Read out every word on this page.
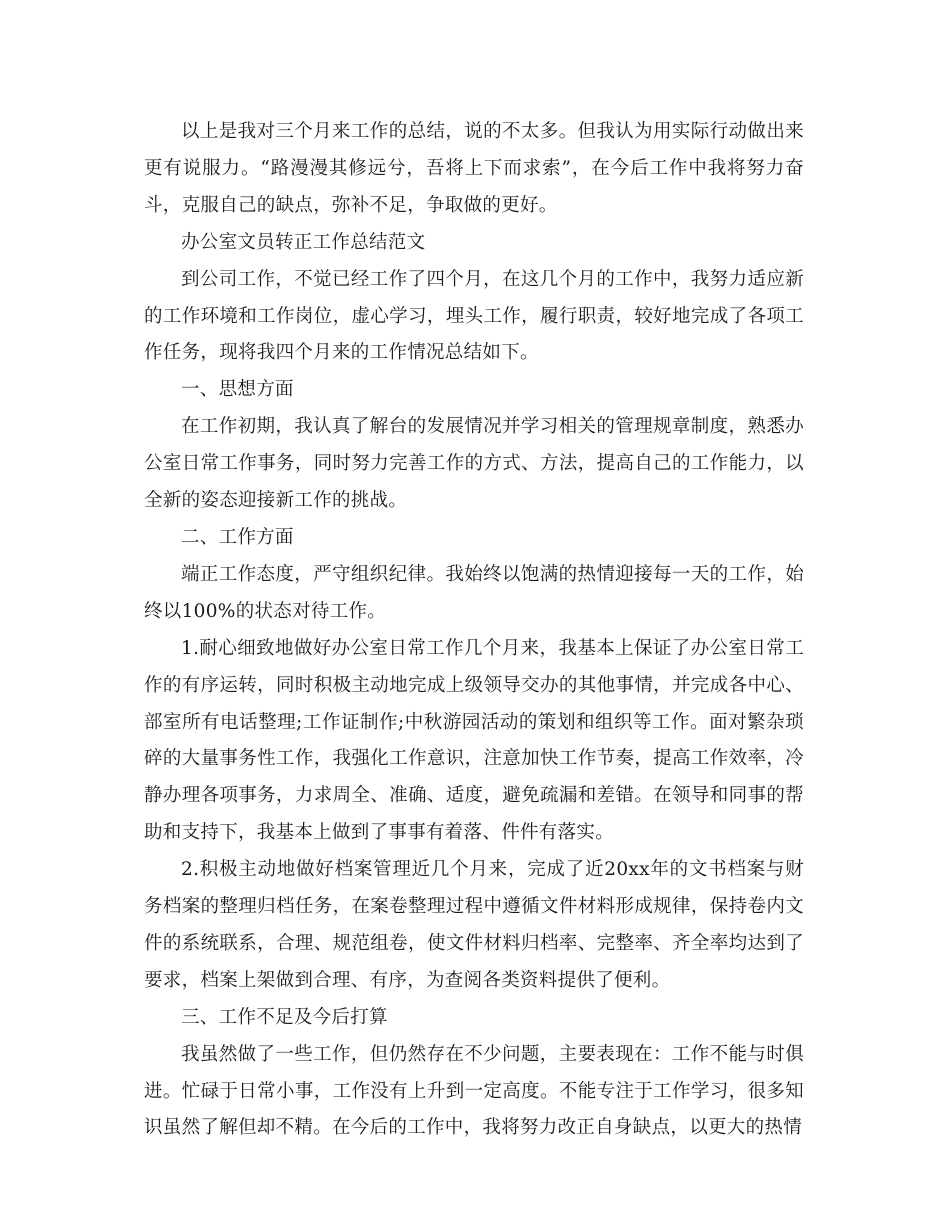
以上是我对三个月来工作的总结，说的不太多。但我认为用实际行动做出来更有说服力。“路漫漫其修远兮，吾将上下而求索”，在今后工作中我将努力奋斗，克服自己的缺点，弥补不足，争取做的更好。

办公室文员转正工作总结范文

到公司工作，不觉已经工作了四个月，在这几个月的工作中，我努力适应新的工作环境和工作岗位，虚心学习，埋头工作，履行职责，较好地完成了各项工作任务，现将我四个月来的工作情况总结如下。

一、思想方面

在工作初期，我认真了解台的发展情况并学习相关的管理规章制度，熟悉办公室日常工作事务，同时努力完善工作的方式、方法，提高自己的工作能力，以全新的姿态迎接新工作的挑战。

二、工作方面

端正工作态度，严守组织纪律。我始终以饱满的热情迎接每一天的工作，始终以100%的状态对待工作。

1.耐心细致地做好办公室日常工作几个月来，我基本上保证了办公室日常工作的有序运转，同时积极主动地完成上级领导交办的其他事情，并完成各中心、部室所有电话整理;工作证制作;中秋游园活动的策划和组织等工作。面对繁杂琐碎的大量事务性工作，我强化工作意识，注意加快工作节奏，提高工作效率，冷静办理各项事务，力求周全、准确、适度，避免疏漏和差错。在领导和同事的帮助和支持下，我基本上做到了事事有着落、件件有落实。

2.积极主动地做好档案管理近几个月来，完成了近20xx年的文书档案与财务档案的整理归档任务，在案卷整理过程中遵循文件材料形成规律，保持卷内文件的系统联系，合理、规范组卷，使文件材料归档率、完整率、齐全率均达到了要求，档案上架做到合理、有序，为查阅各类资料提供了便利。

三、工作不足及今后打算

我虽然做了一些工作，但仍然存在不少问题，主要表现在：工作不能与时俱进。忙碌于日常小事，工作没有上升到一定高度。不能专注于工作学习，很多知识虽然了解但却不精。在今后的工作中，我将努力改正自身缺点，以更大的热情
